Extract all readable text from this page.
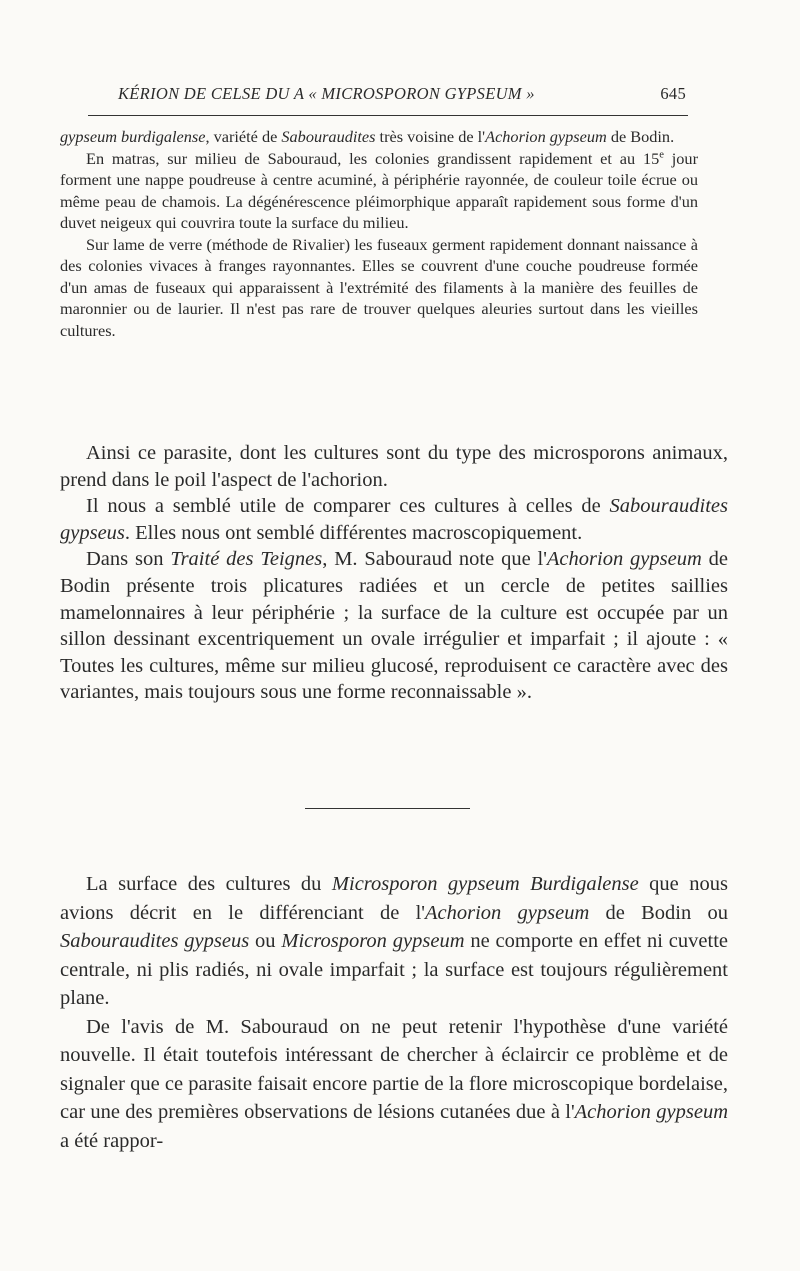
KÉRION DE CELSE DU A « MICROSPORON GYPSEUM »	645

gypseum burdigalense, variété de Sabouraudites très voisine de l'Achorion gypseum de Bodin.

En matras, sur milieu de Sabouraud, les colonies grandissent rapidement et au 15e jour forment une nappe poudreuse à centre acuminé, à périphérie rayonnée, de couleur toile écrue ou même peau de chamois. La dégénérescence pléimorphique apparaît rapidement sous forme d'un duvet neigeux qui couvrira toute la surface du milieu.

Sur lame de verre (méthode de Rivalier) les fuseaux germent rapidement donnant naissance à des colonies vivaces à franges rayonnantes. Elles se couvrent d'une couche poudreuse formée d'un amas de fuseaux qui apparaissent à l'extrémité des filaments à la manière des feuilles de maronnier ou de laurier. Il n'est pas rare de trouver quelques aleuries surtout dans les vieilles cultures.

Ainsi ce parasite, dont les cultures sont du type des microsporons animaux, prend dans le poil l'aspect de l'achorion.

Il nous a semblé utile de comparer ces cultures à celles de Sabouraudites gypseus. Elles nous ont semblé différentes macroscopiquement.

Dans son Traité des Teignes, M. Sabouraud note que l'Achorion gypseum de Bodin présente trois plicatures radiées et un cercle de petites saillies mamelonnaires à leur périphérie ; la surface de la culture est occupée par un sillon dessinant excentriquement un ovale irrégulier et imparfait ; il ajoute : « Toutes les cultures, même sur milieu glucosé, reproduisent ce caractère avec des variantes, mais toujours sous une forme reconnaissable ».

La surface des cultures du Microsporon gypseum Burdigalense que nous avions décrit en le différenciant de l'Achorion gypseum de Bodin ou Sabouraudites gypseus ou Microsporon gypseum ne comporte en effet ni cuvette centrale, ni plis radiés, ni ovale imparfait ; la surface est toujours régulièrement plane.

De l'avis de M. Sabouraud on ne peut retenir l'hypothèse d'une variété nouvelle. Il était toutefois intéressant de chercher à éclaircir ce problème et de signaler que ce parasite faisait encore partie de la flore microscopique bordelaise, car une des premières observations de lésions cutanées due à l'Achorion gypseum a été rappor-
